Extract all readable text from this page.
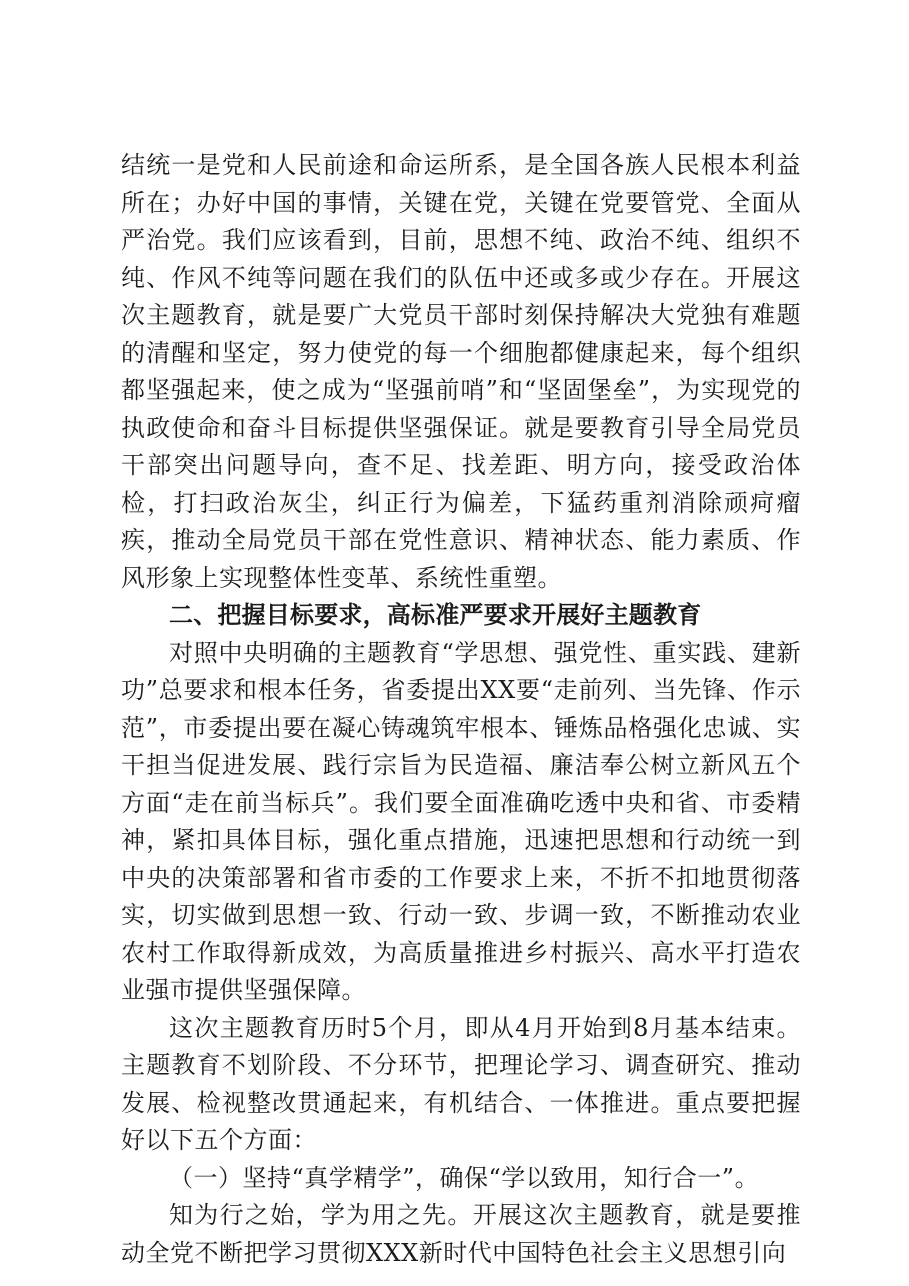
结统一是党和人民前途和命运所系，是全国各族人民根本利益所在；办好中国的事情，关键在党，关键在党要管党、全面从严治党。我们应该看到，目前，思想不纯、政治不纯、组织不纯、作风不纯等问题在我们的队伍中还或多或少存在。开展这次主题教育，就是要广大党员干部时刻保持解决大党独有难题的清醒和坚定，努力使党的每一个细胞都健康起来，每个组织都坚强起来，使之成为“坚强前哨”和“坚固堡垒”，为实现党的执政使命和奋斗目标提供坚强保证。就是要教育引导全局党员干部突出问题导向，查不足、找差距、明方向，接受政治体检，打扫政治灰尘，纠正行为偏差，下猛药重剂消除顽疴瘤疾，推动全局党员干部在党性意识、精神状态、能力素质、作风形象上实现整体性变革、系统性重塑。

二、把握目标要求，高标准严要求开展好主题教育

对照中央明确的主题教育“学思想、强党性、重实践、建新功”总要求和根本任务，省委提出XX要“走前列、当先锋、作示范”，市委提出要在凝心铸魂筑牢根本、锤炼品格强化忠诚、实干担当促进发展、践行宗旨为民造福、廉洁奉公树立新风五个方面“走在前当标兵”。我们要全面准确吃透中央和省、市委精神，紧扣具体目标，强化重点措施，迅速把思想和行动统一到中央的决策部署和省市委的工作要求上来，不折不扣地贯彻落实，切实做到思想一致、行动一致、步调一致，不断推动农业农村工作取得新成效，为高质量推进乡村振兴、高水平打造农业强市提供坚强保障。

这次主题教育历时5个月，即从4月开始到8月基本结束。主题教育不划阶段、不分环节，把理论学习、调查研究、推动发展、检视整改贯通起来，有机结合、一体推进。重点要把握好以下五个方面：

（一）坚持“真学精学”，确保“学以致用，知行合一”。

知为行之始，学为用之先。开展这次主题教育，就是要推动全党不断把学习贯彻XXX新时代中国特色社会主义思想引向
